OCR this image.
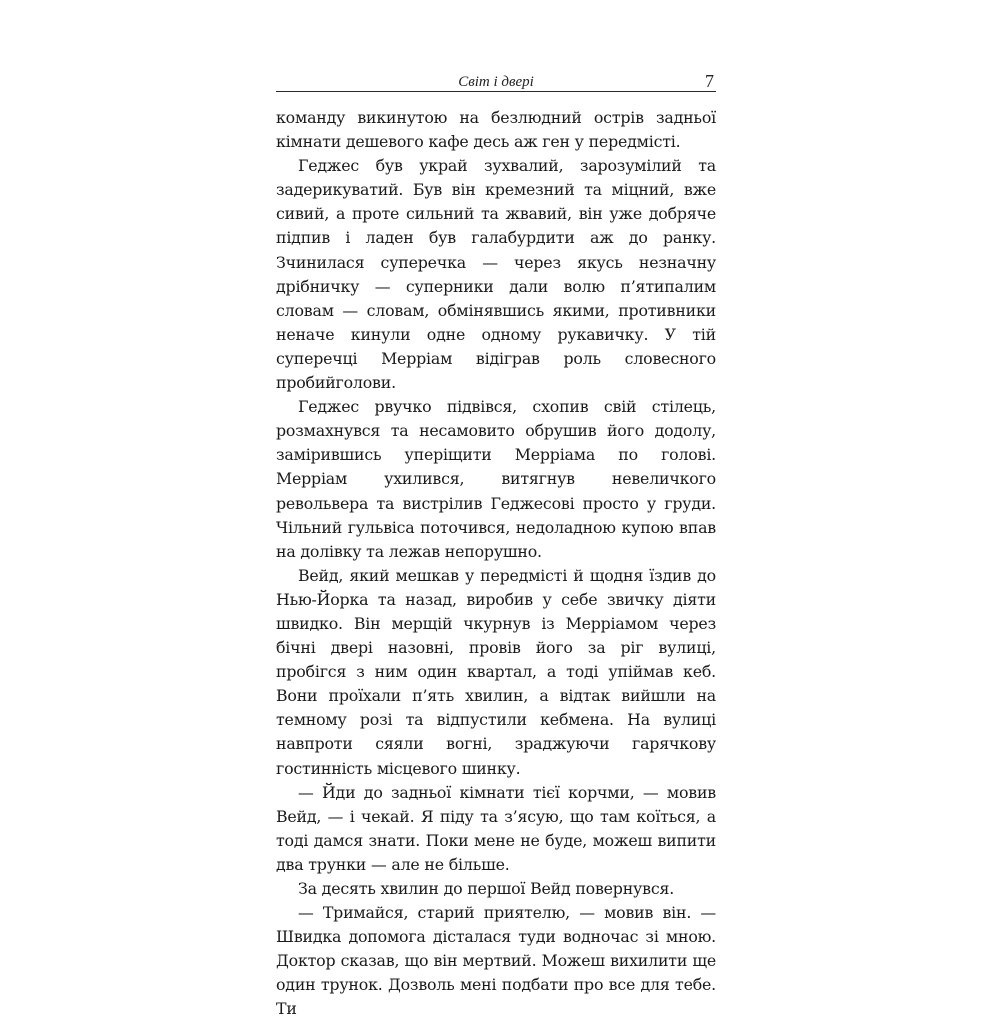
Світ і двері	7

команду викинутою на безлюдний острів задньої кімнати дешевого кафе десь аж ген у передмісті.

Геджес був украй зухвалий, зарозумілий та задерикуватий. Був він кремезний та міцний, вже сивий, а проте сильний та жвавий, він уже добряче підпив і ладен був галабурдити аж до ранку. Зчинилася суперечка — через якусь незначну дрібничку — суперники дали волю п’ятипалим словам — словам, обмінявшись якими, противники неначе кинули одне одному рукавичку. У тій суперечці Мерріам відіграв роль словесного пробийголови.

Геджес рвучко підвівся, схопив свій стілець, розмахнувся та несамовито обрушив його додолу, замірившись уперіщити Мерріама по голові. Мерріам ухилився, витягнув невеличкого револьвера та вистрілив Геджесові просто у груди. Чільний гульвіса поточився, недоладною купою впав на долівку та лежав непорушно.

Вейд, який мешкав у передмісті й щодня їздив до Нью-Йорка та назад, виробив у себе звичку діяти швидко. Він мерщій чкурнув із Мерріамом через бічні двері назовні, провів його за ріг вулиці, пробігся з ним один квартал, а тоді упіймав кеб. Вони проїхали п’ять хвилин, а відтак вийшли на темному розі та відпустили кебмена. На вулиці навпроти сяяли вогні, зраджуючи гарячкову гостинність місцевого шинку.

— Йди до задньої кімнати тієї корчми, — мовив Вейд, — і чекай. Я піду та з’ясую, що там коїться, а тоді дамся знати. Поки мене не буде, можеш випити два трунки — але не більше.

За десять хвилин до першої Вейд повернувся.

— Тримайся, старий приятелю, — мовив він. — Швидка допомога дісталася туди водночас зі мною. Доктор сказав, що він мертвий. Можеш вихилити ще один трунок. Дозволь мені подбати про все для тебе. Ти
